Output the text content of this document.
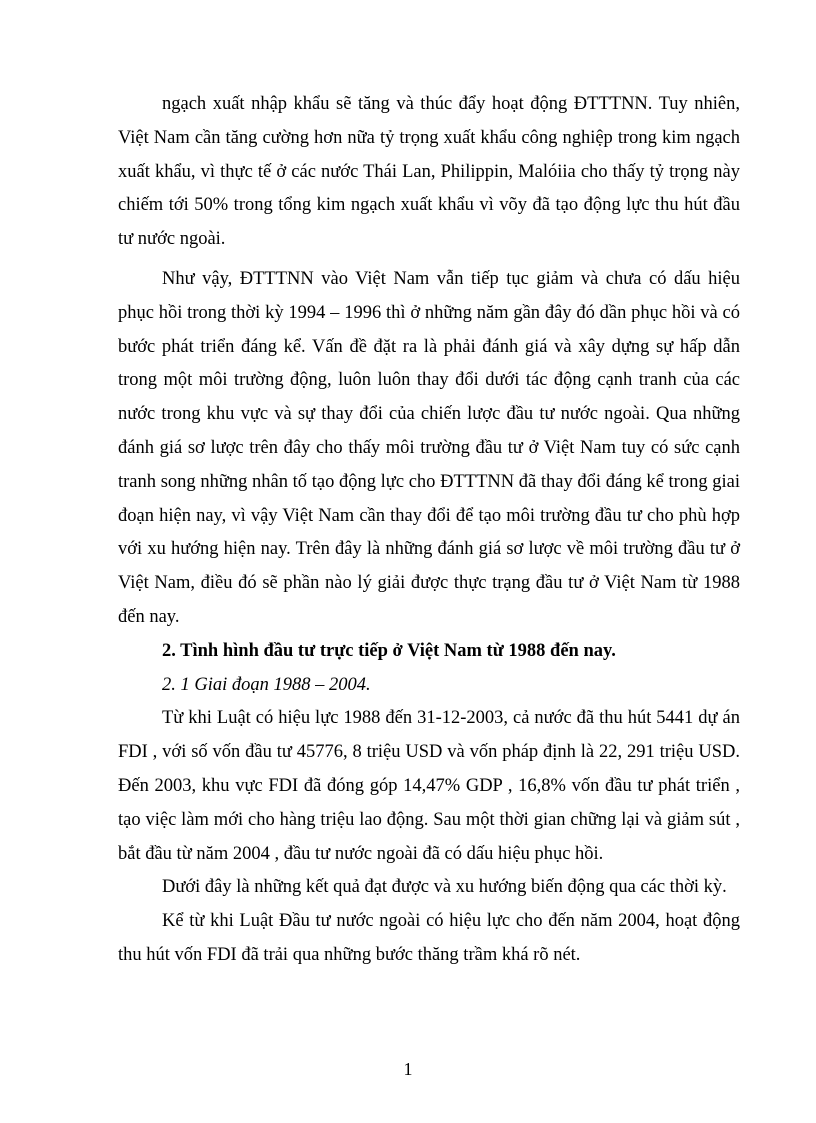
ngạch xuất nhập khẩu sẽ tăng và thúc đẩy hoạt động ĐTTTNN. Tuy nhiên, Việt Nam cần tăng cường hơn nữa tỷ trọng xuất khẩu công nghiệp trong kim ngạch xuất khẩu, vì thực tế ở các nước Thái Lan, Philippin, Malóiia cho thấy tỷ trọng này chiếm tới 50% trong tổng kim ngạch xuất khẩu vì võy đã tạo động lực thu hút đầu tư nước ngoài.

Như vậy, ĐTTTNN vào Việt Nam vẫn tiếp tục giảm và chưa có dấu hiệu phục hồi trong thời kỳ 1994 – 1996 thì ở những năm gần đây đó dần phục hồi và có bước phát triển đáng kể. Vấn đề đặt ra là phải đánh giá và xây dựng sự hấp dẫn trong một môi trường động, luôn luôn thay đổi dưới tác động cạnh tranh của các nước trong khu vực và sự thay đổi của chiến lược đầu tư nước ngoài. Qua những đánh giá sơ lược trên đây cho thấy môi trường đầu tư ở Việt Nam tuy có sức cạnh tranh song những nhân tố tạo động lực cho ĐTTTNN đã thay đổi đáng kể trong giai đoạn hiện nay, vì vậy Việt Nam cần thay đổi để tạo môi trường đầu tư cho phù hợp với xu hướng hiện nay. Trên đây là những đánh giá sơ lược về môi trường đầu tư ở Việt Nam, điều đó sẽ phần nào lý giải được thực trạng đầu tư ở Việt Nam từ 1988 đến nay.

2. Tình hình đầu tư trực tiếp ở Việt Nam từ 1988 đến nay.

2. 1 Giai đoạn 1988 – 2004.

Từ khi Luật có hiệu lực 1988 đến 31-12-2003, cả nước đã thu hút 5441 dự án FDI , với số vốn đầu tư 45776, 8 triệu USD và vốn pháp định là 22, 291 triệu USD. Đến 2003, khu vực FDI đã đóng góp 14,47% GDP , 16,8% vốn đầu tư phát triển , tạo việc làm mới cho hàng triệu lao động. Sau một thời gian chững lại và giảm sút , bắt đầu từ năm 2004 , đầu tư nước ngoài đã có dấu hiệu phục hồi.

Dưới đây là những kết quả đạt được và xu hướng biến động qua các thời kỳ.

Kể từ khi Luật Đầu tư nước ngoài có hiệu lực cho đến năm 2004, hoạt động thu hút vốn FDI đã trải qua những bước thăng trầm khá rõ nét.

1
